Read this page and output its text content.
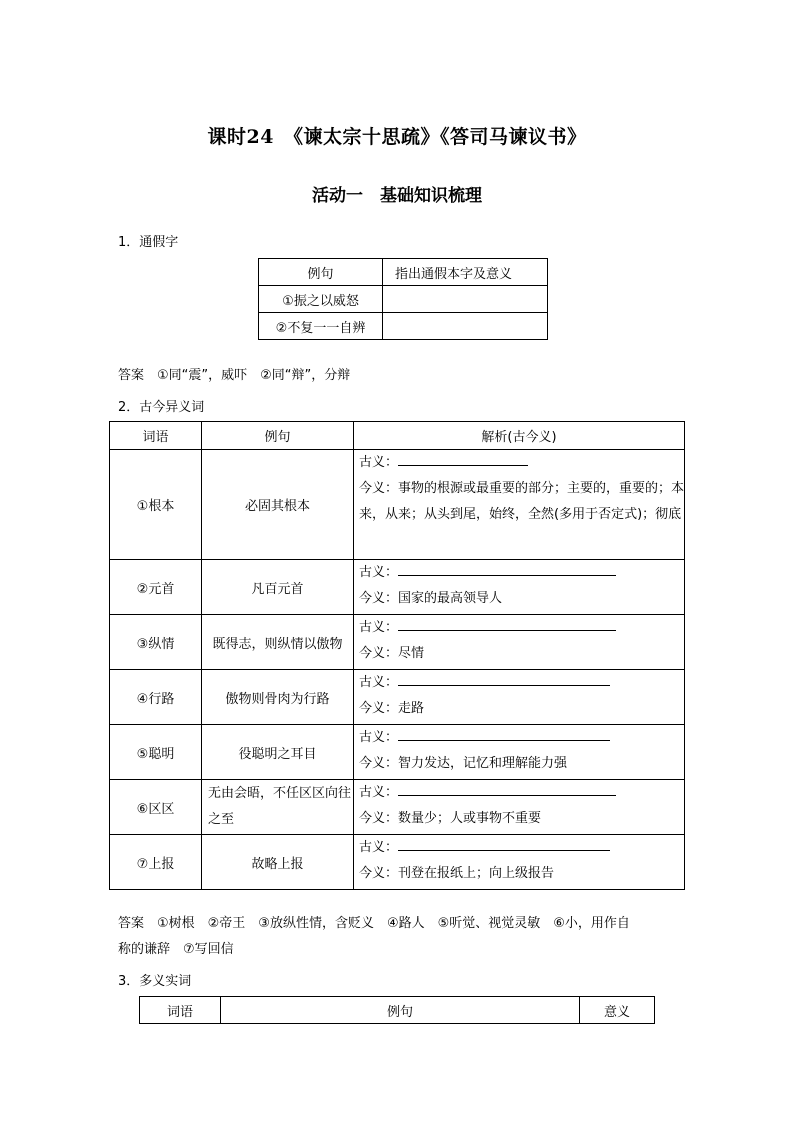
课时24　《谏太宗十思疏》《答司马谏议书》
活动一　基础知识梳理
1．通假字
例句	指出通假本字及意义
①振之以威怒	
②不复一一自辨	
答案　①同“震”，威吓　②同“辩”，分辩
2．古今异义词
词语	例句	解析(古今义)
①根本	必固其根本	古义：
今义：事物的根源或最重要的部分；主要的，重要的；本来，从来；从头到尾，始终，全然(多用于否定式)；彻底

②元首	凡百元首	古义：
今义：国家的最高领导人

③纵情	既得志，则纵情以傲物	古义：
今义：尽情

④行路	傲物则骨肉为行路	古义：
今义：走路

⑤聪明	役聪明之耳目	古义：
今义：智力发达，记忆和理解能力强

⑥区区	无由会晤，不任区区向往之至	古义：
今义：数量少；人或事物不重要

⑦上报	故略上报	古义：
今义：刊登在报纸上；向上级报告
答案　①树根　②帝王　③放纵性情，含贬义　④路人　⑤听觉、视觉灵敏　⑥小，用作自
称的谦辞　⑦写回信
3．多义实词
词语	例句	意义
